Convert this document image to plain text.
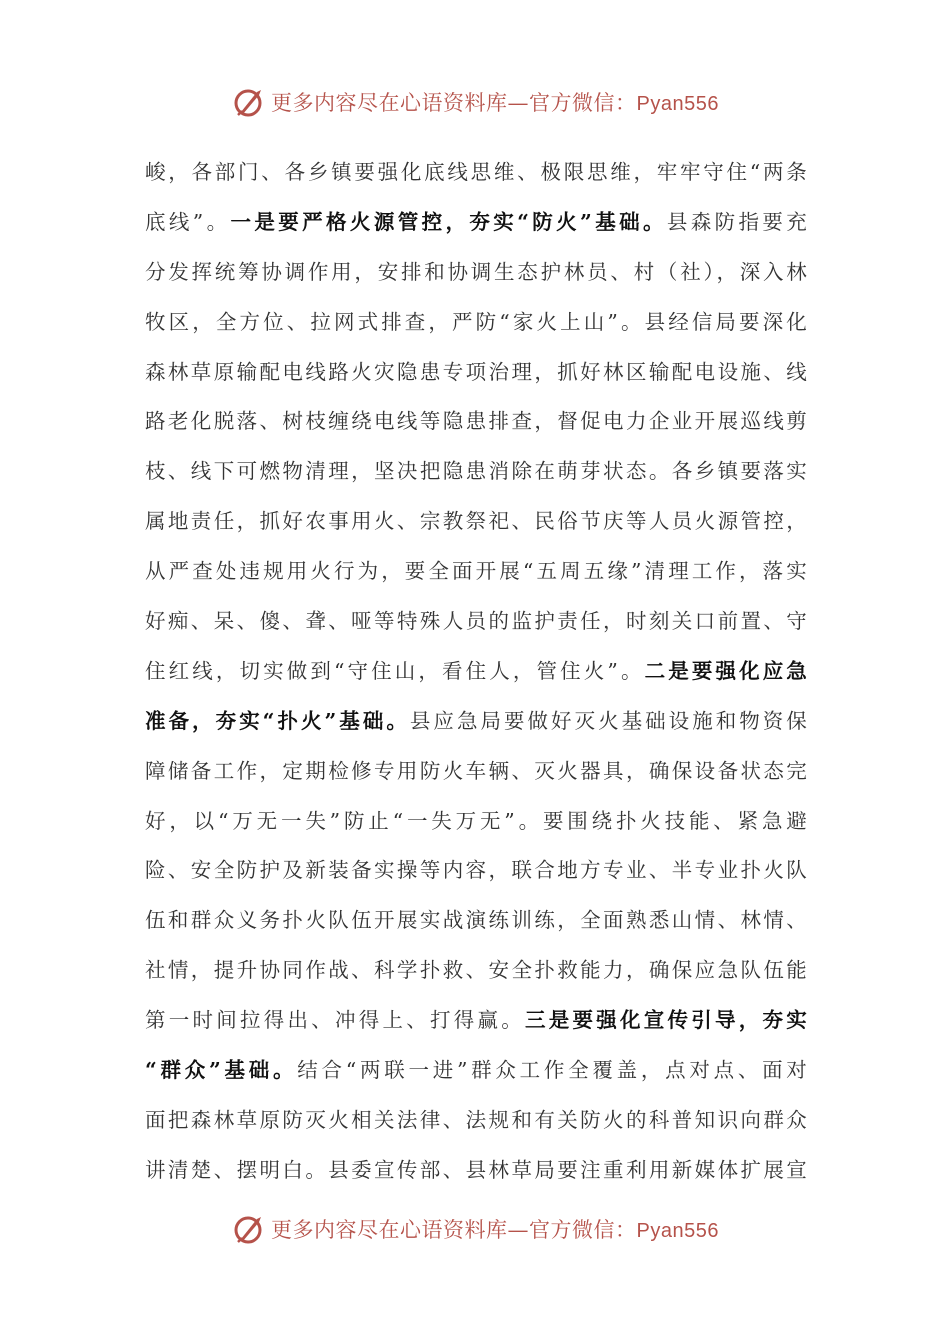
更多内容尽在心语资料库—官方微信：Pyan556
峻，各部门、各乡镇要强化底线思维、极限思维，牢牢守住“两条
底线”。一是要严格火源管控，夯实“防火”基础。县森防指要充
分发挥统筹协调作用，安排和协调生态护林员、村（社），深入林
牧区，全方位、拉网式排查，严防“家火上山”。县经信局要深化
森林草原输配电线路火灾隐患专项治理，抓好林区输配电设施、线
路老化脱落、树枝缠绕电线等隐患排查，督促电力企业开展巡线剪
枝、线下可燃物清理，坚决把隐患消除在萌芽状态。各乡镇要落实
属地责任，抓好农事用火、宗教祭祀、民俗节庆等人员火源管控，
从严查处违规用火行为，要全面开展“五周五缘”清理工作，落实
好痴、呆、傻、聋、哑等特殊人员的监护责任，时刻关口前置、守
住红线，切实做到“守住山，看住人，管住火”。二是要强化应急
准备，夯实“扑火”基础。县应急局要做好灭火基础设施和物资保
障储备工作，定期检修专用防火车辆、灭火器具，确保设备状态完
好，以“万无一失”防止“一失万无”。要围绕扑火技能、紧急避
险、安全防护及新装备实操等内容，联合地方专业、半专业扑火队
伍和群众义务扑火队伍开展实战演练训练，全面熟悉山情、林情、
社情，提升协同作战、科学扑救、安全扑救能力，确保应急队伍能
第一时间拉得出、冲得上、打得赢。三是要强化宣传引导，夯实
“群众”基础。结合“两联一进”群众工作全覆盖，点对点、面对
面把森林草原防灭火相关法律、法规和有关防火的科普知识向群众
讲清楚、摆明白。县委宣传部、县林草局要注重利用新媒体扩展宣
更多内容尽在心语资料库—官方微信：Pyan556
